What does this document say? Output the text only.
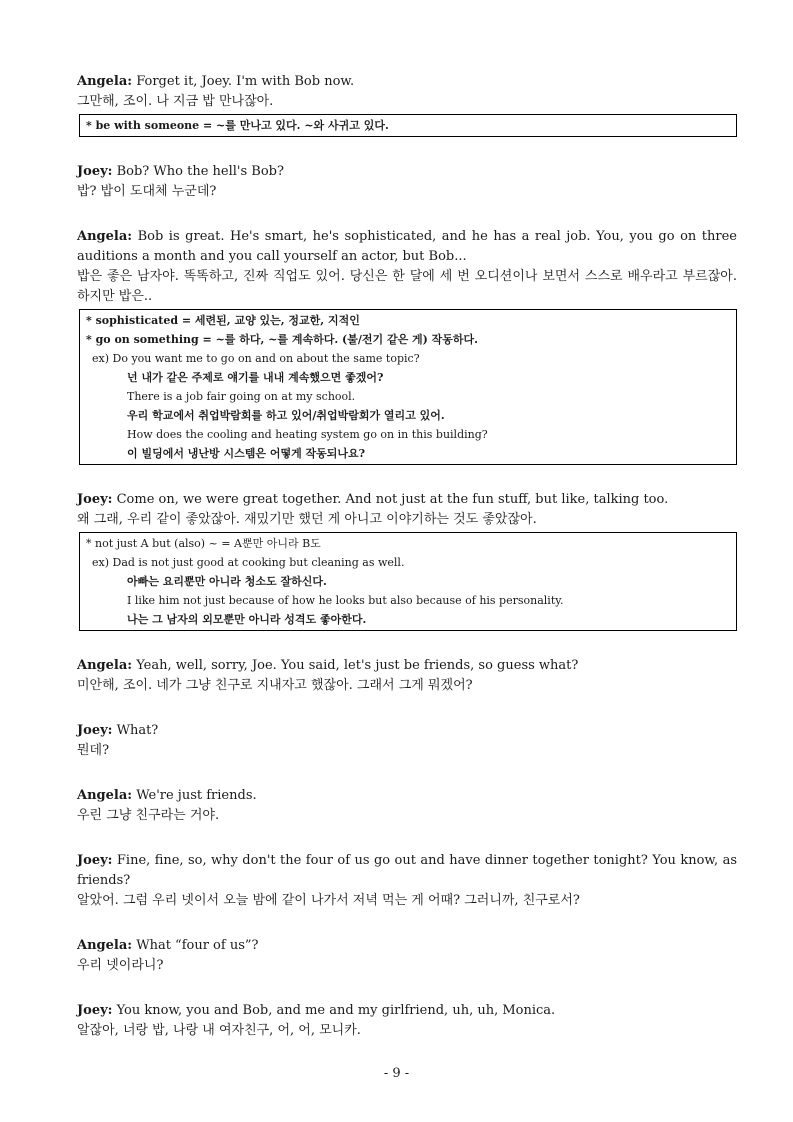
Angela: Forget it, Joey. I'm with Bob now.

그만해, 조이. 나 지금 밥 만나잖아.

* be with someone = ~를 만나고 있다. ~와 사귀고 있다.

Joey: Bob? Who the hell's Bob?

밥? 밥이 도대체 누군데?

Angela: Bob is great. He's smart, he's sophisticated, and he has a real job. You, you go on three auditions a month and you call yourself an actor, but Bob...

밥은 좋은 남자야. 똑똑하고, 진짜 직업도 있어. 당신은 한 달에 세 번 오디션이나 보면서 스스로 배우라고 부르잖아. 하지만 밥은..

* sophisticated = 세련된, 교양 있는, 정교한, 지적인

* go on something = ~를 하다, ~를 계속하다. (불/전기 같은 게) 작동하다.

ex) Do you want me to go on and on about the same topic?

넌 내가 같은 주제로 얘기를 내내 계속했으면 좋겠어?

There is a job fair going on at my school.

우리 학교에서 취업박람회를 하고 있어/취업박람회가 열리고 있어.

How does the cooling and heating system go on in this building?

이 빌딩에서 냉난방 시스템은 어떻게 작동되나요?

Joey: Come on, we were great together. And not just at the fun stuff, but like, talking too.

왜 그래, 우리 같이 좋았잖아. 재밌기만 했던 게 아니고 이야기하는 것도 좋았잖아.

* not just A but (also) ~ = A뿐만 아니라 B도

ex) Dad is not just good at cooking but cleaning as well.

아빠는 요리뿐만 아니라 청소도 잘하신다.

I like him not just because of how he looks but also because of his personality.

나는 그 남자의 외모뿐만 아니라 성격도 좋아한다.

Angela: Yeah, well, sorry, Joe. You said, let's just be friends, so guess what?

미안해, 조이. 네가 그냥 친구로 지내자고 했잖아. 그래서 그게 뭐겠어?

Joey: What?

뭔데?

Angela: We're just friends.

우린 그냥 친구라는 거야.

Joey: Fine, fine, so, why don't the four of us go out and have dinner together tonight? You know, as friends?

알았어. 그럼 우리 넷이서 오늘 밤에 같이 나가서 저녁 먹는 게 어때? 그러니까, 친구로서?

Angela: What “four of us”?

우리 넷이라니?

Joey: You know, you and Bob, and me and my girlfriend, uh, uh, Monica.

알잖아, 너랑 밥, 나랑 내 여자친구, 어, 어, 모니카.

- 9 -
